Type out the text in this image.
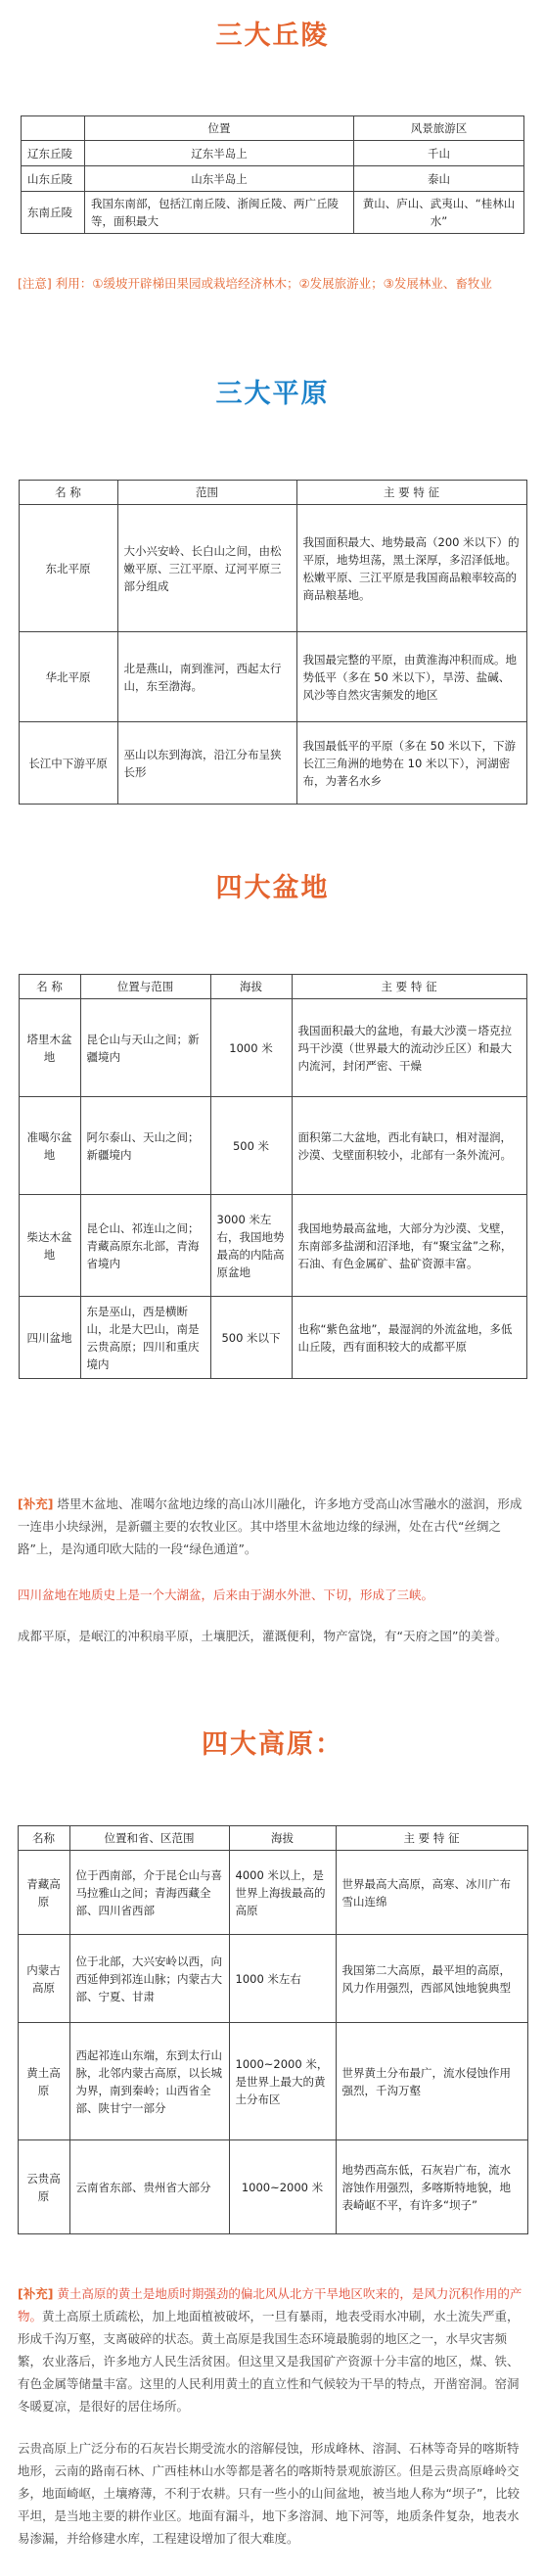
三大丘陵
	位置	风景旅游区
辽东丘陵	辽东半岛上	千山
山东丘陵	山东半岛上	泰山
东南丘陵	我国东南部，包括江南丘陵、浙闽丘陵、两广丘陵等，面积最大	黄山、庐山、武夷山、“桂林山水”

[注意] 利用：①缓坡开辟梯田果园或栽培经济林木；②发展旅游业；③发展林业、畜牧业

三大平原
名 称	范围	主 要 特 征
东北平原	大小兴安岭、长白山之间，由松嫩平原、三江平原、辽河平原三部分组成	我国面积最大、地势最高（200 米以下）的平原，地势坦荡，黑土深厚，多沼泽低地。松嫩平原、三江平原是我国商品粮率较高的商品粮基地。
华北平原	北是燕山，南到淮河，西起太行山，东至渤海。	我国最完整的平原，由黄淮海冲积而成。地势低平（多在 50 米以下），旱涝、盐碱、风沙等自然灾害频发的地区
长江中下游平原	巫山以东到海滨，沿江分布呈狭长形	我国最低平的平原（多在 50 米以下，下游长江三角洲的地势在 10 米以下），河湖密布，为著名水乡
四大盆地
名 称	位置与范围	海拔	主 要 特 征
塔里木盆地	昆仑山与天山之间；新疆境内	1000 米	我国面积最大的盆地，有最大沙漠－塔克拉玛干沙漠（世界最大的流动沙丘区）和最大内流河，封闭严密、干燥
准噶尔盆地	阿尔泰山、天山之间；新疆境内	500 米	面积第二大盆地，西北有缺口，相对湿润，沙漠、戈壁面积较小，北部有一条外流河。
柴达木盆地	昆仑山、祁连山之间；青藏高原东北部，青海省境内	3000 米左右，我国地势最高的内陆高原盆地	我国地势最高盆地，大部分为沙漠、戈壁，东南部多盐湖和沼泽地，有“聚宝盆”之称，石油、有色金属矿、盐矿资源丰富。
四川盆地	东是巫山，西是横断山，北是大巴山，南是云贵高原；四川和重庆境内	500 米以下	也称“紫色盆地”，最湿润的外流盆地，多低山丘陵，西有面积较大的成都平原

[补充] 塔里木盆地、准噶尔盆地边缘的高山冰川融化，许多地方受高山冰雪融水的滋润，形成一连串小块绿洲，是新疆主要的农牧业区。其中塔里木盆地边缘的绿洲，处在古代“丝绸之路”上，是沟通印欧大陆的一段“绿色通道”。

四川盆地在地质史上是一个大湖盆，后来由于湖水外泄、下切，形成了三峡。

成都平原，是岷江的冲积扇平原，土壤肥沃，灌溉便利，物产富饶，有“天府之国”的美誉。

四大高原：
名称	位置和省、区范围	海拔	主 要 特 征
青藏高原	位于西南部，介于昆仑山与喜马拉雅山之间；青海西藏全部、四川省西部	4000 米以上，是世界上海拔最高的高原	世界最高大高原，高寒、冰川广布雪山连绵
内蒙古高原	位于北部，大兴安岭以西，向西延伸到祁连山脉；内蒙古大部、宁夏、甘肃	1000 米左右	我国第二大高原，最平坦的高原，风力作用强烈，西部风蚀地貌典型
黄土高原	西起祁连山东端，东到太行山脉，北邻内蒙古高原，以长城为界，南到秦岭；山西省全部、陕甘宁一部分	1000~2000 米，是世界上最大的黄土分布区	世界黄土分布最广，流水侵蚀作用强烈，千沟万壑
云贵高原	云南省东部、贵州省大部分	1000~2000 米	地势西高东低，石灰岩广布，流水溶蚀作用强烈，多喀斯特地貌，地表崎岖不平，有许多“坝子”

[补充] 黄土高原的黄土是地质时期强劲的偏北风从北方干旱地区吹来的，是风力沉积作用的产物。黄土高原土质疏松，加上地面植被破坏，一旦有暴雨，地表受雨水冲刷，水土流失严重，形成千沟万壑，支离破碎的状态。黄土高原是我国生态环境最脆弱的地区之一，水旱灾害频繁，农业落后，许多地方人民生活贫困。但这里又是我国矿产资源十分丰富的地区，煤、铁、有色金属等储量丰富。这里的人民利用黄土的直立性和气候较为干旱的特点，开凿窑洞。窑洞冬暖夏凉，是很好的居住场所。

云贵高原上广泛分布的石灰岩长期受流水的溶解侵蚀，形成峰林、溶洞、石林等奇异的喀斯特地形，云南的路南石林、广西桂林山水等都是著名的喀斯特景观旅游区。但是云贵高原峰岭交多，地面崎岖，土壤瘠薄，不利于农耕。只有一些小的山间盆地，被当地人称为“坝子”，比较平坦，是当地主要的耕作业区。地面有漏斗，地下多溶洞、地下河等，地质条件复杂，地表水易渗漏，并给修建水库，工程建设增加了很大难度。
